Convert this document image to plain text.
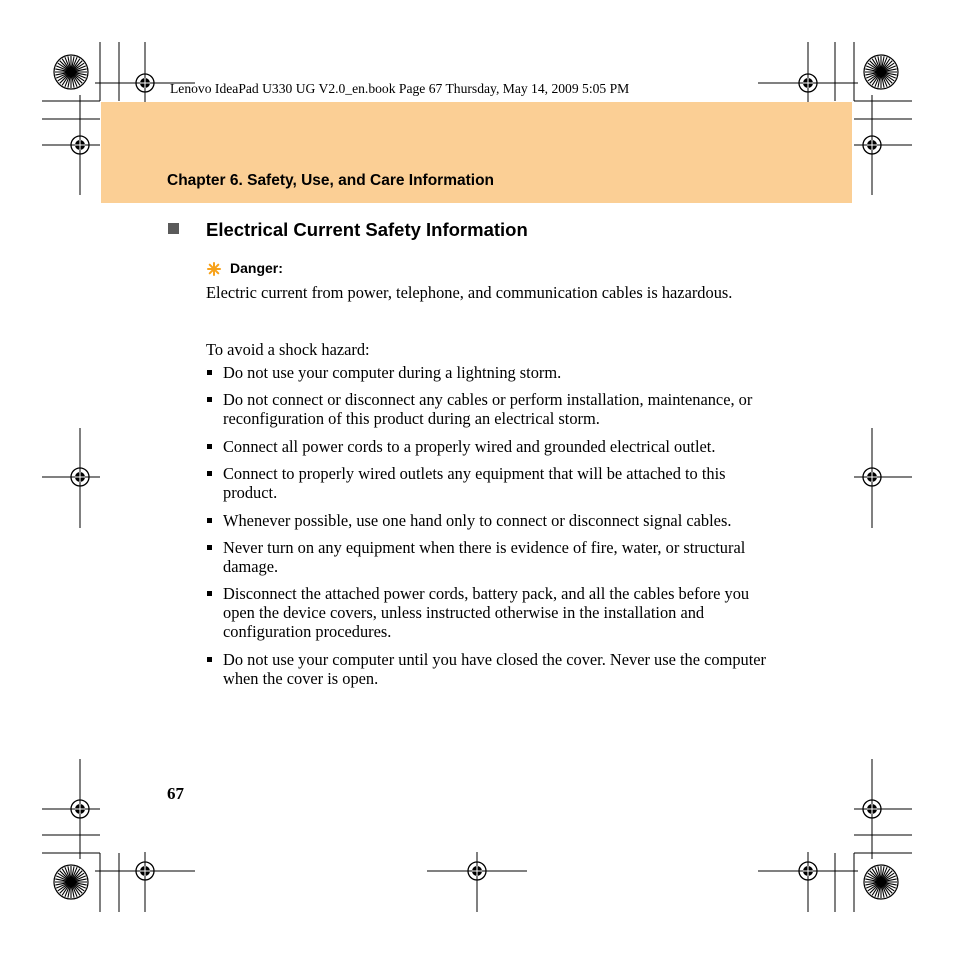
Lenovo IdeaPad U330 UG V2.0_en.book Page 67 Thursday, May 14, 2009 5:05 PM
Chapter 6. Safety, Use, and Care Information
Electrical Current Safety Information
Danger:
Electric current from power, telephone, and communication cables is hazardous.
To avoid a shock hazard:
Do not use your computer during a lightning storm.
Do not connect or disconnect any cables or perform installation, maintenance, or reconfiguration of this product during an electrical storm.
Connect all power cords to a properly wired and grounded electrical outlet.
Connect to properly wired outlets any equipment that will be attached to this product.
Whenever possible, use one hand only to connect or disconnect signal cables.
Never turn on any equipment when there is evidence of fire, water, or structural damage.
Disconnect the attached power cords, battery pack, and all the cables before you open the device covers, unless instructed otherwise in the installation and configuration procedures.
Do not use your computer until you have closed the cover. Never use the computer when the cover is open.
67
